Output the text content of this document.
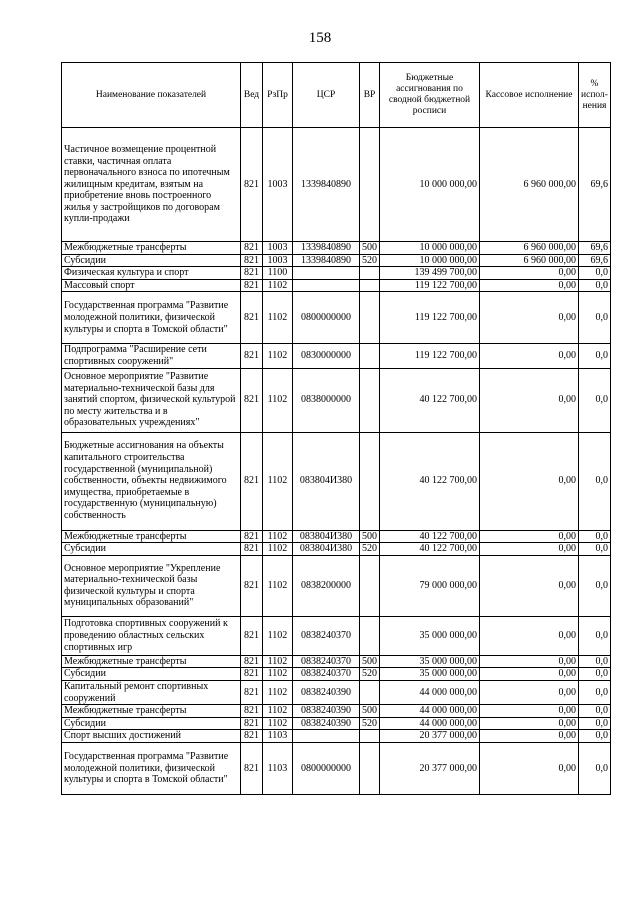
158
Наименование показателей	Вед	РзПр	ЦСР	ВР	Бюджетные ассигнования по сводной бюджетной росписи	Кассовое исполнение	% испол-нения
Частичное возмещение процентной ставки, частичная оплата первоначального взноса по ипотечным жилищным кредитам, взятым на приобретение вновь построенного жилья у застройщиков по договорам купли-продажи	821	1003	1339840890		10 000 000,00	6 960 000,00	69,6
Межбюджетные трансферты	821	1003	1339840890	500	10 000 000,00	6 960 000,00	69,6
Субсидии	821	1003	1339840890	520	10 000 000,00	6 960 000,00	69,6
Физическая культура и спорт	821	1100			139 499 700,00	0,00	0,0
Массовый спорт	821	1102			119 122 700,00	0,00	0,0
Государственная программа "Развитие молодежной политики, физической культуры и спорта в Томской области"	821	1102	0800000000		119 122 700,00	0,00	0,0
Подпрограмма "Расширение сети спортивных сооружений"	821	1102	0830000000		119 122 700,00	0,00	0,0
Основное мероприятие "Развитие материально-технической базы для занятий спортом, физической культурой по месту жительства и в образовательных учреждениях"	821	1102	0838000000		40 122 700,00	0,00	0,0
Бюджетные ассигнования на объекты капитального строительства государственной (муниципальной) собственности, объекты недвижимого имущества, приобретаемые в государственную (муниципальную) собственность	821	1102	083804И380		40 122 700,00	0,00	0,0
Межбюджетные трансферты	821	1102	083804И380	500	40 122 700,00	0,00	0,0
Субсидии	821	1102	083804И380	520	40 122 700,00	0,00	0,0
Основное мероприятие "Укрепление материально-технической базы физической культуры и спорта муниципальных образований"	821	1102	0838200000		79 000 000,00	0,00	0,0
Подготовка спортивных сооружений к проведению областных сельских спортивных игр	821	1102	0838240370		35 000 000,00	0,00	0,0
Межбюджетные трансферты	821	1102	0838240370	500	35 000 000,00	0,00	0,0
Субсидии	821	1102	0838240370	520	35 000 000,00	0,00	0,0
Капитальный ремонт спортивных сооружений	821	1102	0838240390		44 000 000,00	0,00	0,0
Межбюджетные трансферты	821	1102	0838240390	500	44 000 000,00	0,00	0,0
Субсидии	821	1102	0838240390	520	44 000 000,00	0,00	0,0
Спорт высших достижений	821	1103			20 377 000,00	0,00	0,0
Государственная программа "Развитие молодежной политики, физической культуры и спорта в Томской области"	821	1103	0800000000		20 377 000,00	0,00	0,0
